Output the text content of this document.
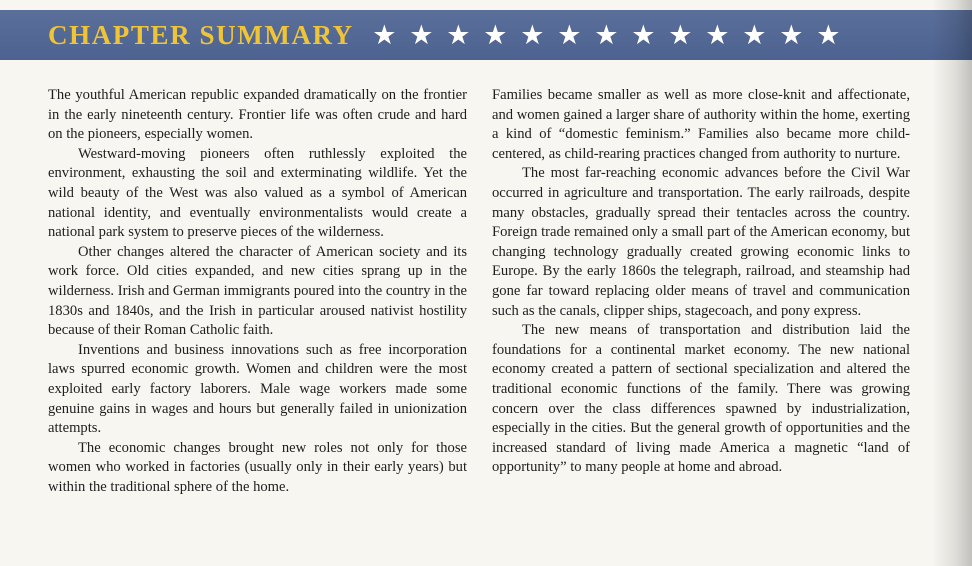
CHAPTER SUMMARY ★ ★ ★ ★ ★ ★ ★ ★ ★ ★ ★ ★ ★

The youthful American republic expanded dramatically on the frontier in the early nineteenth century. Frontier life was often crude and hard on the pioneers, especially women.

Westward-moving pioneers often ruthlessly exploited the environment, exhausting the soil and exterminating wildlife. Yet the wild beauty of the West was also valued as a symbol of American national identity, and eventually environmentalists would create a national park system to preserve pieces of the wilderness.

Other changes altered the character of American society and its work force. Old cities expanded, and new cities sprang up in the wilderness. Irish and German immigrants poured into the country in the 1830s and 1840s, and the Irish in particular aroused nativist hostility because of their Roman Catholic faith.

Inventions and business innovations such as free incorporation laws spurred economic growth. Women and children were the most exploited early factory laborers. Male wage workers made some genuine gains in wages and hours but generally failed in unionization attempts.

The economic changes brought new roles not only for those women who worked in factories (usually only in their early years) but within the traditional sphere of the home.

Families became smaller as well as more close-knit and affectionate, and women gained a larger share of authority within the home, exerting a kind of “domestic feminism.” Families also became more child-centered, as child-rearing practices changed from authority to nurture.

The most far-reaching economic advances before the Civil War occurred in agriculture and transportation. The early railroads, despite many obstacles, gradually spread their tentacles across the country. Foreign trade remained only a small part of the American economy, but changing technology gradually created growing economic links to Europe. By the early 1860s the telegraph, railroad, and steamship had gone far toward replacing older means of travel and communication such as the canals, clipper ships, stagecoach, and pony express.

The new means of transportation and distribution laid the foundations for a continental market economy. The new national economy created a pattern of sectional specialization and altered the traditional economic functions of the family. There was growing concern over the class differences spawned by industrialization, especially in the cities. But the general growth of opportunities and the increased standard of living made America a magnetic “land of opportunity” to many people at home and abroad.
